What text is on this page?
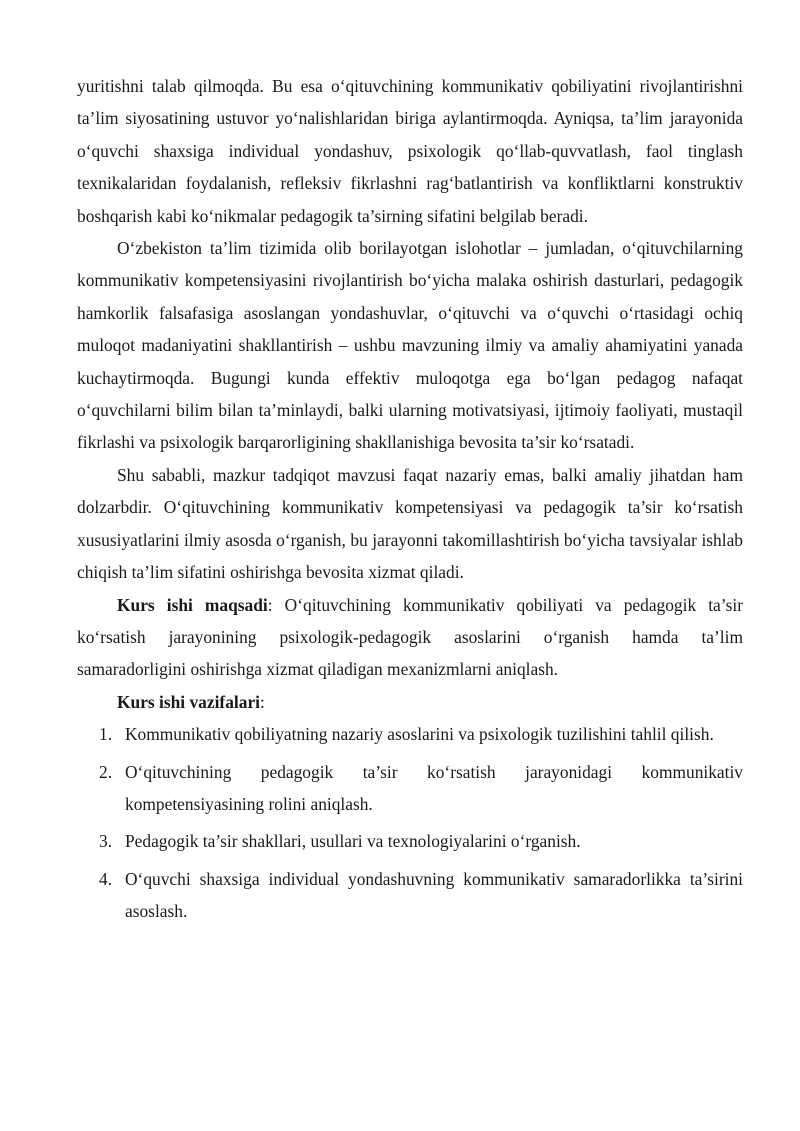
yuritishni talab qilmoqda. Bu esa o‘qituvchining kommunikativ qobiliyatini rivojlantirishni ta’lim siyosatining ustuvor yo‘nalishlaridan biriga aylantirmoqda. Ayniqsa, ta’lim jarayonida o‘quvchi shaxsiga individual yondashuv, psixologik qo‘llab-quvvatlash, faol tinglash texnikalaridan foydalanish, refleksiv fikrlashni rag‘batlantirish va konfliktlarni konstruktiv boshqarish kabi ko‘nikmalar pedagogik ta’sirning sifatini belgilab beradi.

O‘zbekiston ta’lim tizimida olib borilayotgan islohotlar – jumladan, o‘qituvchilarning kommunikativ kompetensiyasini rivojlantirish bo‘yicha malaka oshirish dasturlari, pedagogik hamkorlik falsafasiga asoslangan yondashuvlar, o‘qituvchi va o‘quvchi o‘rtasidagi ochiq muloqot madaniyatini shakllantirish – ushbu mavzuning ilmiy va amaliy ahamiyatini yanada kuchaytirmoqda. Bugungi kunda effektiv muloqotga ega bo‘lgan pedagog nafaqat o‘quvchilarni bilim bilan ta’minlaydi, balki ularning motivatsiyasi, ijtimoiy faoliyati, mustaqil fikrlashi va psixologik barqarorligining shakllanishiga bevosita ta’sir ko‘rsatadi.

Shu sababli, mazkur tadqiqot mavzusi faqat nazariy emas, balki amaliy jihatdan ham dolzarbdir. O‘qituvchining kommunikativ kompetensiyasi va pedagogik ta’sir ko‘rsatish xususiyatlarini ilmiy asosda o‘rganish, bu jarayonni takomillashtirish bo‘yicha tavsiyalar ishlab chiqish ta’lim sifatini oshirishga bevosita xizmat qiladi.

Kurs ishi maqsadi: O‘qituvchining kommunikativ qobiliyati va pedagogik ta’sir ko‘rsatish jarayonining psixologik-pedagogik asoslarini o‘rganish hamda ta’lim samaradorligini oshirishga xizmat qiladigan mexanizmlarni aniqlash.

Kurs ishi vazifalari:

1. Kommunikativ qobiliyatning nazariy asoslarini va psixologik tuzilishini tahlil qilish.
2. O‘qituvchining pedagogik ta’sir ko‘rsatish jarayonidagi kommunikativ kompetensiyasining rolini aniqlash.
3. Pedagogik ta’sir shakllari, usullari va texnologiyalarini o‘rganish.
4. O‘quvchi shaxsiga individual yondashuvning kommunikativ samaradorlikka ta’sirini asoslash.
